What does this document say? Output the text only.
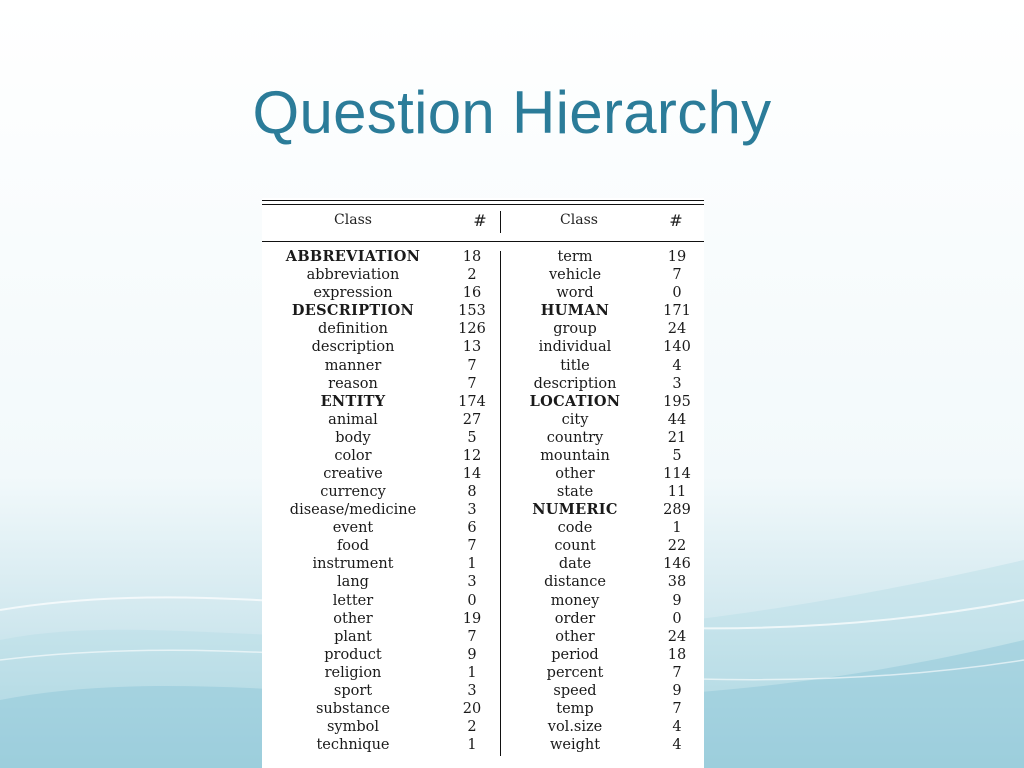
Question Hierarchy
Class	#	Class	#
ABBREVIATION	18	term	19
abbreviation	2	vehicle	7
expression	16	word	0
DESCRIPTION	153	HUMAN	171
definition	126	group	24
description	13	individual	140
manner	7	title	4
reason	7	description	3
ENTITY	174	LOCATION	195
animal	27	city	44
body	5	country	21
color	12	mountain	5
creative	14	other	114
currency	8	state	11
disease/medicine	3	NUMERIC	289
event	6	code	1
food	7	count	22
instrument	1	date	146
lang	3	distance	38
letter	0	money	9
other	19	order	0
plant	7	other	24
product	9	period	18
religion	1	percent	7
sport	3	speed	9
substance	20	temp	7
symbol	2	vol.size	4
technique	1	weight	4
